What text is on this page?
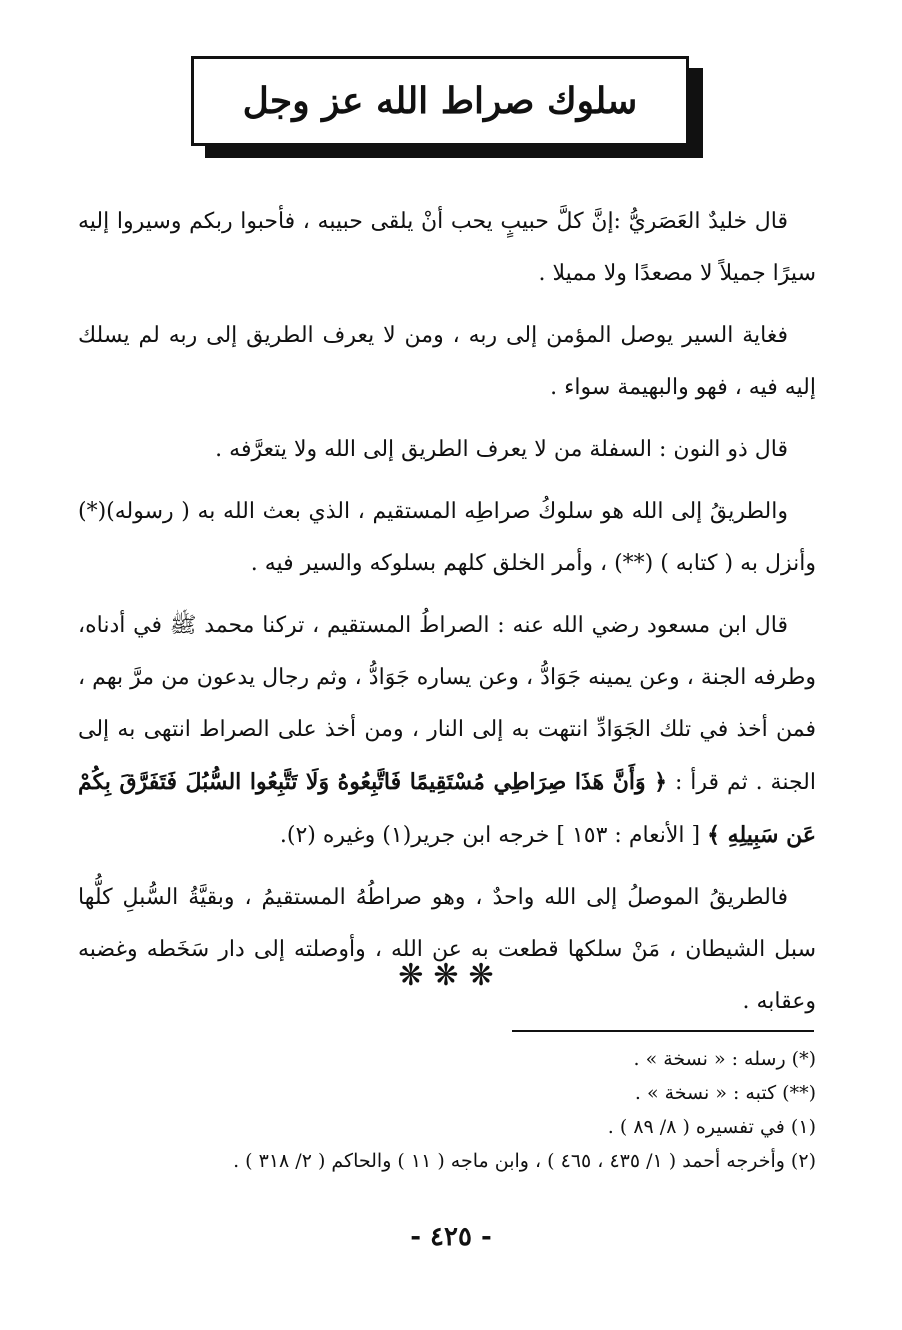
سلوك صراط الله عز وجل

قال خليدٌ العَصَريُّ :إنَّ كلَّ حبيبٍ يحب أنْ يلقى حبيبه ، فأحبوا ربكم وسيروا إليه سيرًا جميلاً لا مصعدًا ولا مميلا .

فغاية السير يوصل المؤمن إلى ربه ، ومن لا يعرف الطريق إلى ربه لم يسلك إليه فيه ، فهو والبهيمة سواء .

قال ذو النون : السفلة من لا يعرف الطريق إلى الله ولا يتعرَّفه .

والطريقُ إلى الله هو سلوكُ صراطِه المستقيم ، الذي بعث الله به ( رسوله)(*) وأنزل به ( كتابه ) (**) ، وأمر الخلق كلهم بسلوكه والسير فيه .

قال ابن مسعود رضي الله عنه : الصراطُ المستقيم ، تركنا محمد ﷺ في أدناه، وطرفه الجنة ، وعن يمينه جَوَادُّ ، وعن يساره جَوَادُّ ، وثم رجال يدعون من مرَّ بهم ، فمن أخذ في تلك الجَوَادِّ انتهت به إلى النار ، ومن أخذ على الصراط انتهى به إلى الجنة . ثم قرأ : ﴿ وَأَنَّ هَذَا صِرَاطِي مُسْتَقِيمًا فَاتَّبِعُوهُ وَلَا تَتَّبِعُوا السُّبُلَ فَتَفَرَّقَ بِكُمْ عَن سَبِيلِهِ ﴾ [ الأنعام : ١٥٣ ] خرجه ابن جرير(١) وغيره (٢).

فالطريقُ الموصلُ إلى الله واحدٌ ، وهو صراطُهُ المستقيمُ ، وبقيَّةُ السُّبلِ كلُّها سبل الشيطان ، مَنْ سلكها قطعت به عن الله ، وأوصلته إلى دار سَخَطه وغضبه وعقابه .

❋❋❋

(*) رسله : « نسخة » .

(**) كتبه : « نسخة » .

(١) في تفسيره ( ٨/ ٨٩ ) .

(٢) وأخرجه أحمد ( ١/ ٤٣٥ ، ٤٦٥ ) ، وابن ماجه ( ١١ ) والحاكم ( ٢/ ٣١٨ ) .

- ٤٢٥ -
